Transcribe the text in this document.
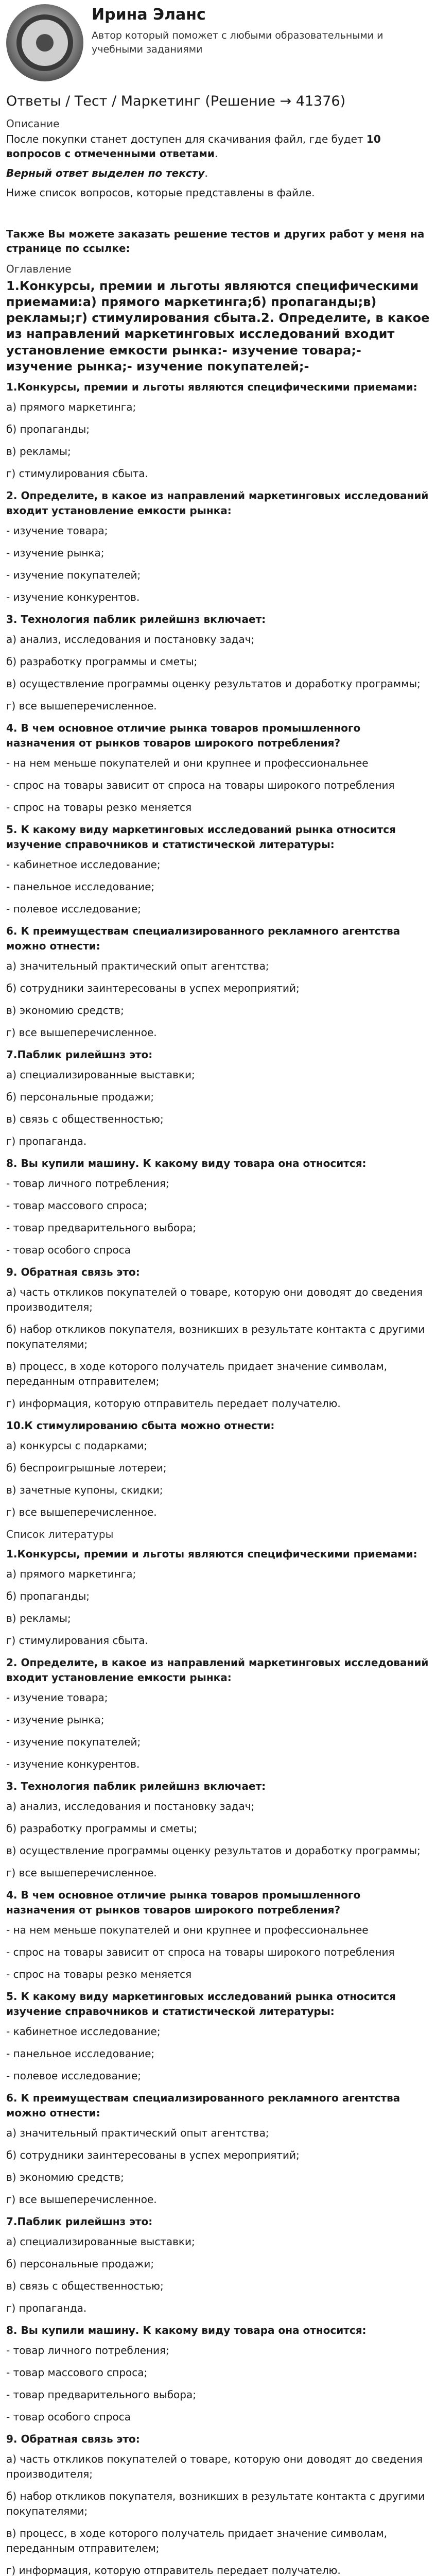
Ирина Эланс
Автор который поможет с любыми образовательными и учебными заданиями
Ответы / Тест / Маркетинг (Решение → 41376)
Описание
После покупки станет доступен для скачивания файл, где будет 10 вопросов с отмеченными ответами.
Верный ответ выделен по тексту.
Ниже список вопросов, которые представлены в файле.
Также Вы можете заказать решение тестов и других работ у меня на странице по ссылке:
Оглавление
1.Конкурсы, премии и льготы являются специфическими приемами:а) прямого маркетинга;б) пропаганды;в) рекламы;г) стимулирования сбыта.2. Определите, в какое из направлений маркетинговых исследований входит установление емкости рынка:- изучение товара;- изучение рынка;- изучение покупателей;-
1.Конкурсы, премии и льготы являются специфическими приемами:
а) прямого маркетинга;
б) пропаганды;
в) рекламы;
г) стимулирования сбыта.
2. Определите, в какое из направлений маркетинговых исследований входит установление емкости рынка:
- изучение товара;
- изучение рынка;
- изучение покупателей;
- изучение конкурентов.
3. Технология паблик рилейшнз включает:
а) анализ, исследования и постановку задач;
б) разработку программы и сметы;
в) осуществление программы оценку результатов и доработку программы;
г) все вышеперечисленное.
4. В чем основное отличие рынка товаров промышленного назначения от рынков товаров широкого потребления?
- на нем меньше покупателей и они крупнее и профессиональнее
- спрос на товары зависит от спроса на товары широкого потребления
- спрос на товары резко меняется
5. К какому виду маркетинговых исследований рынка относится изучение справочников и статистической литературы:
- кабинетное исследование;
- панельное исследование;
- полевое исследование;
6. К преимуществам специализированного рекламного агентства можно отнести:
а) значительный практический опыт агентства;
б) сотрудники заинтересованы в успех мероприятий;
в) экономию средств;
г) все вышеперечисленное.
7.Паблик рилейшнз это:
а) специализированные выставки;
б) персональные продажи;
в) связь с общественностью;
г) пропаганда.
8. Вы купили машину. К какому виду товара она относится:
- товар личного потребления;
- товар массового спроса;
- товар предварительного выбора;
- товар особого спроса
9. Обратная связь это:
а) часть откликов покупателей о товаре, которую они доводят до сведения производителя;
б) набор откликов покупателя, возникших в результате контакта с другими покупателями;
в) процесс, в ходе которого получатель придает значение символам, переданным отправителем;
г) информация, которую отправитель передает получателю.
10.К стимулированию сбыта можно отнести:
а) конкурсы с подарками;
б) беспроигрышные лотереи;
в) зачетные купоны, скидки;
г) все вышеперечисленное.
Список литературы
1.Конкурсы, премии и льготы являются специфическими приемами:
а) прямого маркетинга;
б) пропаганды;
в) рекламы;
г) стимулирования сбыта.
2. Определите, в какое из направлений маркетинговых исследований входит установление емкости рынка:
- изучение товара;
- изучение рынка;
- изучение покупателей;
- изучение конкурентов.
3. Технология паблик рилейшнз включает:
а) анализ, исследования и постановку задач;
б) разработку программы и сметы;
в) осуществление программы оценку результатов и доработку программы;
г) все вышеперечисленное.
4. В чем основное отличие рынка товаров промышленного назначения от рынков товаров широкого потребления?
- на нем меньше покупателей и они крупнее и профессиональнее
- спрос на товары зависит от спроса на товары широкого потребления
- спрос на товары резко меняется
5. К какому виду маркетинговых исследований рынка относится изучение справочников и статистической литературы:
- кабинетное исследование;
- панельное исследование;
- полевое исследование;
6. К преимуществам специализированного рекламного агентства можно отнести:
а) значительный практический опыт агентства;
б) сотрудники заинтересованы в успех мероприятий;
в) экономию средств;
г) все вышеперечисленное.
7.Паблик рилейшнз это:
а) специализированные выставки;
б) персональные продажи;
в) связь с общественностью;
г) пропаганда.
8. Вы купили машину. К какому виду товара она относится:
- товар личного потребления;
- товар массового спроса;
- товар предварительного выбора;
- товар особого спроса
9. Обратная связь это:
а) часть откликов покупателей о товаре, которую они доводят до сведения производителя;
б) набор откликов покупателя, возникших в результате контакта с другими покупателями;
в) процесс, в ходе которого получатель придает значение символам, переданным отправителем;
г) информация, которую отправитель передает получателю.
